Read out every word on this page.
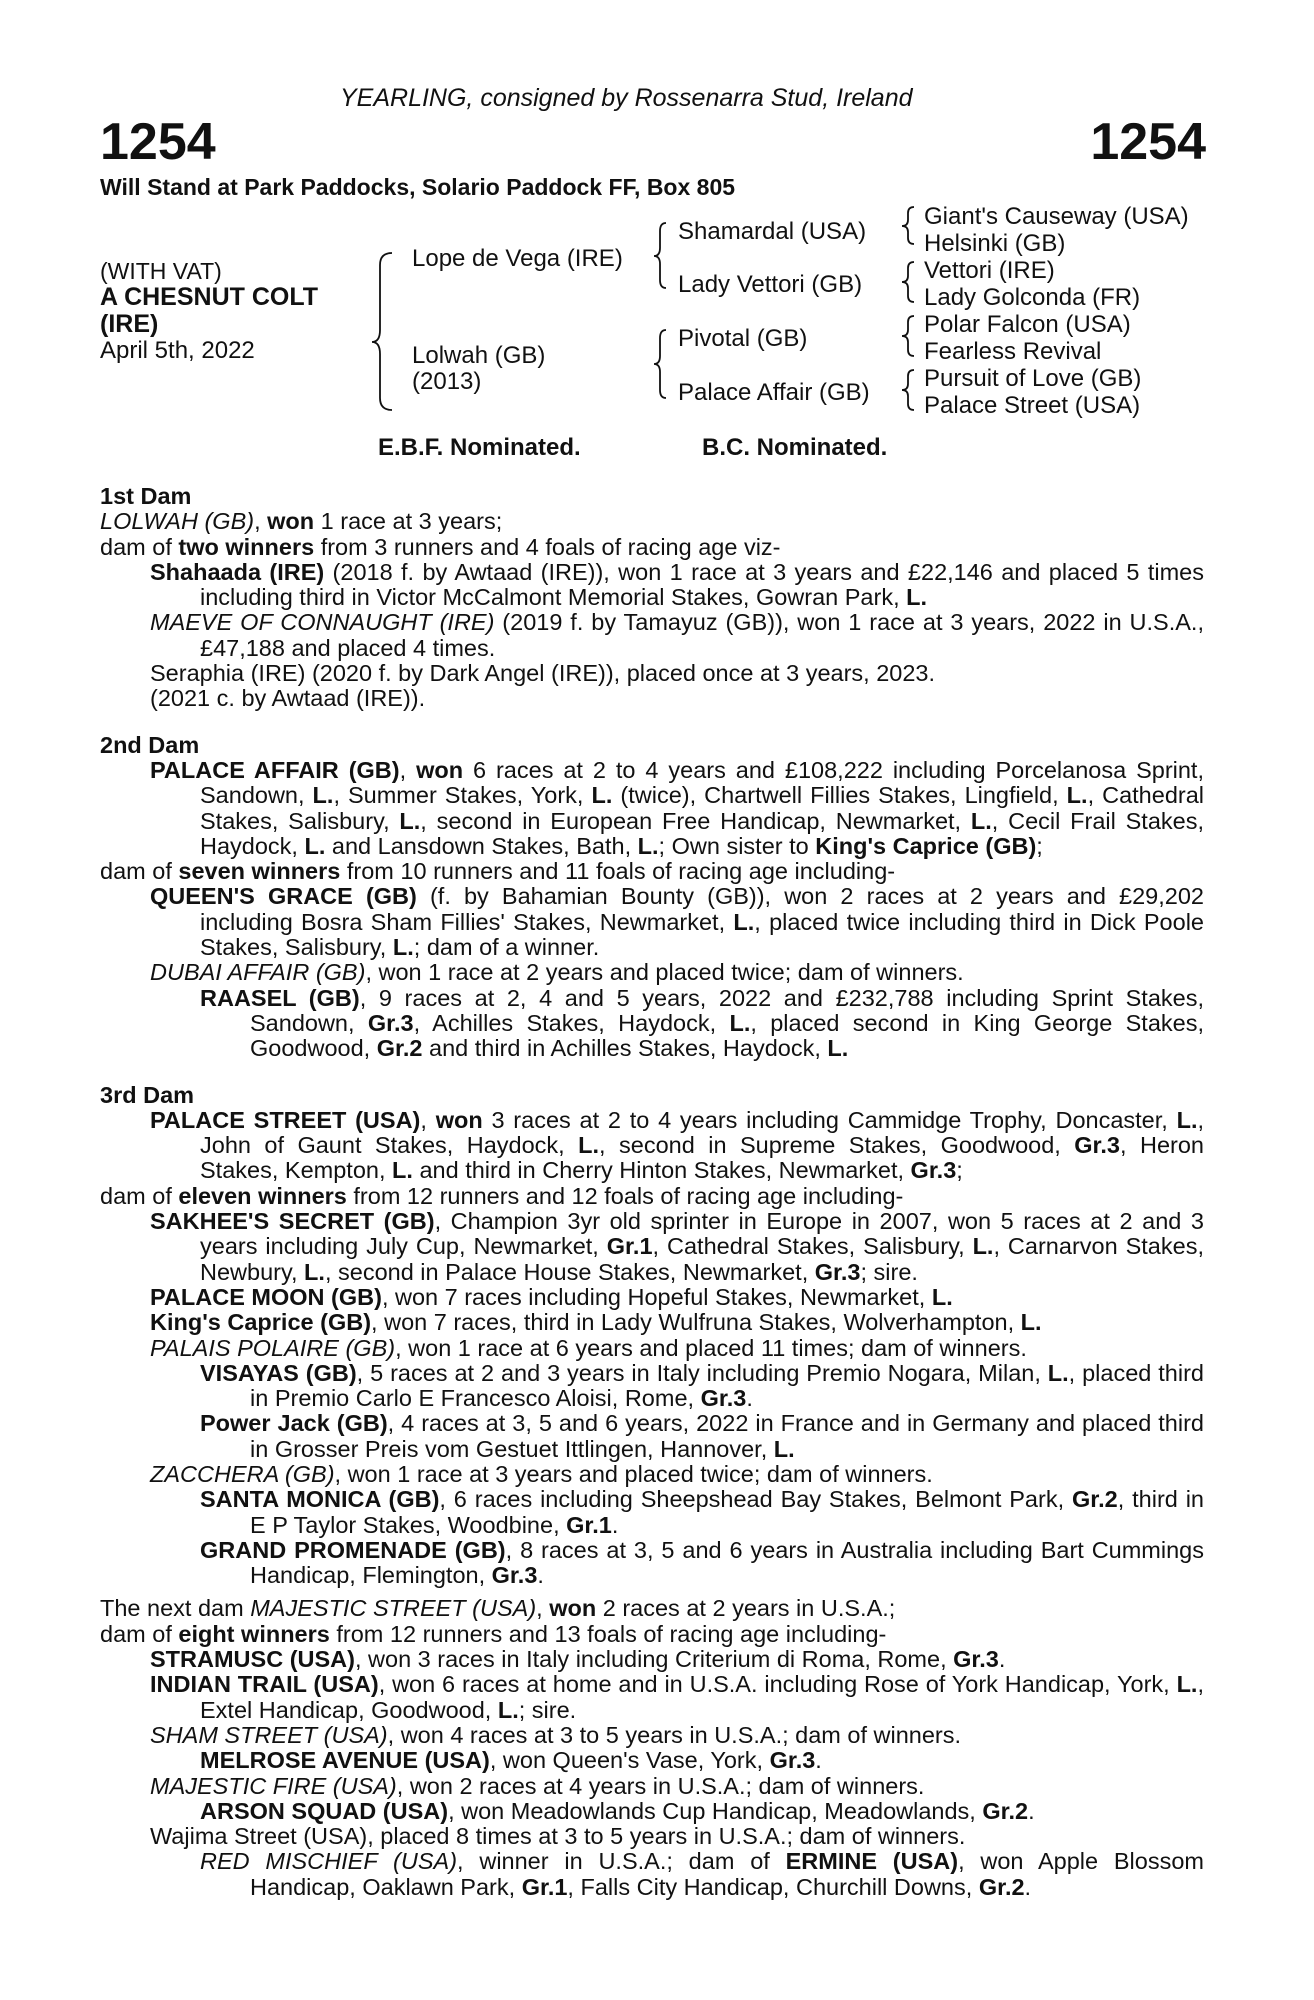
YEARLING, consigned by Rossenarra Stud, Ireland
1254	1254
Will Stand at Park Paddocks, Solario Paddock FF, Box 805
(WITH VAT)
A CHESNUT COLT
(IRE)
April 5th, 2022
Lope de Vega (IRE)
Lolwah (GB)
(2013)
Shamardal (USA)
Lady Vettori (GB)
Pivotal (GB)
Palace Affair (GB)
Giant's Causeway (USA)
Helsinki (GB)
Vettori (IRE)
Lady Golconda (FR)
Polar Falcon (USA)
Fearless Revival
Pursuit of Love (GB)
Palace Street (USA)
E.B.F. Nominated.	B.C. Nominated.
1st Dam
LOLWAH (GB), won 1 race at 3 years;
dam of two winners from 3 runners and 4 foals of racing age viz-
Shahaada (IRE) (2018 f. by Awtaad (IRE)), won 1 race at 3 years and £22,146 and placed 5 times including third in Victor McCalmont Memorial Stakes, Gowran Park, L.
MAEVE OF CONNAUGHT (IRE) (2019 f. by Tamayuz (GB)), won 1 race at 3 years, 2022 in U.S.A., £47,188 and placed 4 times.
Seraphia (IRE) (2020 f. by Dark Angel (IRE)), placed once at 3 years, 2023.
(2021 c. by Awtaad (IRE)).
2nd Dam
PALACE AFFAIR (GB), won 6 races at 2 to 4 years and £108,222 including Porcelanosa Sprint, Sandown, L., Summer Stakes, York, L. (twice), Chartwell Fillies Stakes, Lingfield, L., Cathedral Stakes, Salisbury, L., second in European Free Handicap, Newmarket, L., Cecil Frail Stakes, Haydock, L. and Lansdown Stakes, Bath, L.; Own sister to King's Caprice (GB);
dam of seven winners from 10 runners and 11 foals of racing age including-
QUEEN'S GRACE (GB) (f. by Bahamian Bounty (GB)), won 2 races at 2 years and £29,202 including Bosra Sham Fillies' Stakes, Newmarket, L., placed twice including third in Dick Poole Stakes, Salisbury, L.; dam of a winner.
DUBAI AFFAIR (GB), won 1 race at 2 years and placed twice; dam of winners.
RAASEL (GB), 9 races at 2, 4 and 5 years, 2022 and £232,788 including Sprint Stakes, Sandown, Gr.3, Achilles Stakes, Haydock, L., placed second in King George Stakes, Goodwood, Gr.2 and third in Achilles Stakes, Haydock, L.
3rd Dam
PALACE STREET (USA), won 3 races at 2 to 4 years including Cammidge Trophy, Doncaster, L., John of Gaunt Stakes, Haydock, L., second in Supreme Stakes, Goodwood, Gr.3, Heron Stakes, Kempton, L. and third in Cherry Hinton Stakes, Newmarket, Gr.3;
dam of eleven winners from 12 runners and 12 foals of racing age including-
SAKHEE'S SECRET (GB), Champion 3yr old sprinter in Europe in 2007, won 5 races at 2 and 3 years including July Cup, Newmarket, Gr.1, Cathedral Stakes, Salisbury, L., Carnarvon Stakes, Newbury, L., second in Palace House Stakes, Newmarket, Gr.3; sire.
PALACE MOON (GB), won 7 races including Hopeful Stakes, Newmarket, L.
King's Caprice (GB), won 7 races, third in Lady Wulfruna Stakes, Wolverhampton, L.
PALAIS POLAIRE (GB), won 1 race at 6 years and placed 11 times; dam of winners.
VISAYAS (GB), 5 races at 2 and 3 years in Italy including Premio Nogara, Milan, L., placed third in Premio Carlo E Francesco Aloisi, Rome, Gr.3.
Power Jack (GB), 4 races at 3, 5 and 6 years, 2022 in France and in Germany and placed third in Grosser Preis vom Gestuet Ittlingen, Hannover, L.
ZACCHERA (GB), won 1 race at 3 years and placed twice; dam of winners.
SANTA MONICA (GB), 6 races including Sheepshead Bay Stakes, Belmont Park, Gr.2, third in E P Taylor Stakes, Woodbine, Gr.1.
GRAND PROMENADE (GB), 8 races at 3, 5 and 6 years in Australia including Bart Cummings Handicap, Flemington, Gr.3.
The next dam MAJESTIC STREET (USA), won 2 races at 2 years in U.S.A.;
dam of eight winners from 12 runners and 13 foals of racing age including-
STRAMUSC (USA), won 3 races in Italy including Criterium di Roma, Rome, Gr.3.
INDIAN TRAIL (USA), won 6 races at home and in U.S.A. including Rose of York Handicap, York, L., Extel Handicap, Goodwood, L.; sire.
SHAM STREET (USA), won 4 races at 3 to 5 years in U.S.A.; dam of winners.
MELROSE AVENUE (USA), won Queen's Vase, York, Gr.3.
MAJESTIC FIRE (USA), won 2 races at 4 years in U.S.A.; dam of winners.
ARSON SQUAD (USA), won Meadowlands Cup Handicap, Meadowlands, Gr.2.
Wajima Street (USA), placed 8 times at 3 to 5 years in U.S.A.; dam of winners.
RED MISCHIEF (USA), winner in U.S.A.; dam of ERMINE (USA), won Apple Blossom Handicap, Oaklawn Park, Gr.1, Falls City Handicap, Churchill Downs, Gr.2.
